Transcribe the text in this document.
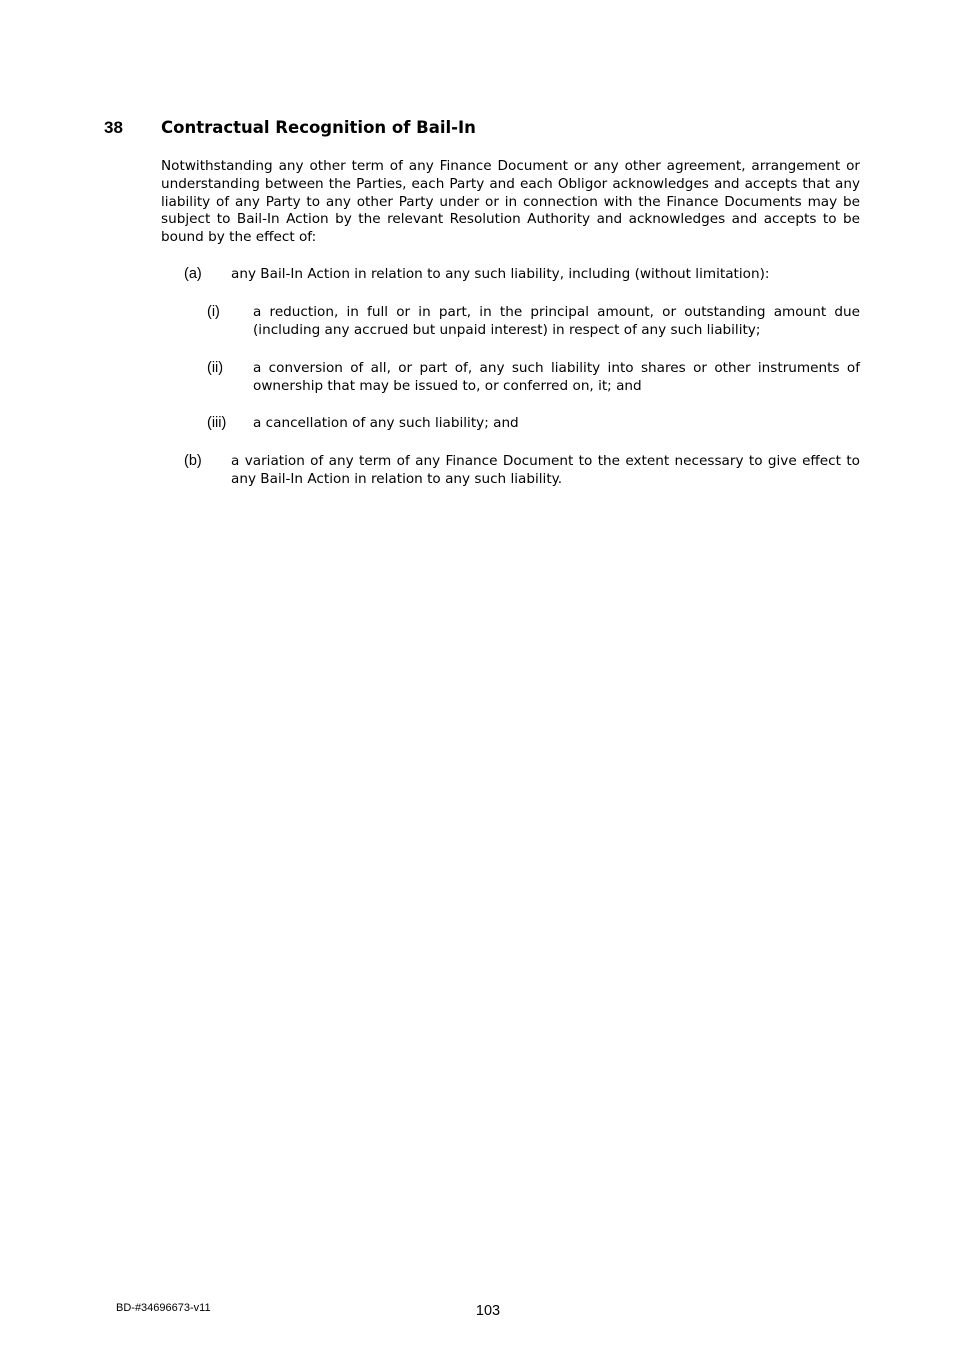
38 Contractual Recognition of Bail-In
Notwithstanding any other term of any Finance Document or any other agreement, arrangement or understanding between the Parties, each Party and each Obligor acknowledges and accepts that any liability of any Party to any other Party under or in connection with the Finance Documents may be subject to Bail-In Action by the relevant Resolution Authority and acknowledges and accepts to be bound by the effect of:
(a) any Bail-In Action in relation to any such liability, including (without limitation):
(i) a reduction, in full or in part, in the principal amount, or outstanding amount due (including any accrued but unpaid interest) in respect of any such liability;
(ii) a conversion of all, or part of, any such liability into shares or other instruments of ownership that may be issued to, or conferred on, it; and
(iii) a cancellation of any such liability; and
(b) a variation of any term of any Finance Document to the extent necessary to give effect to any Bail-In Action in relation to any such liability.
BD-#34696673-v11	103
